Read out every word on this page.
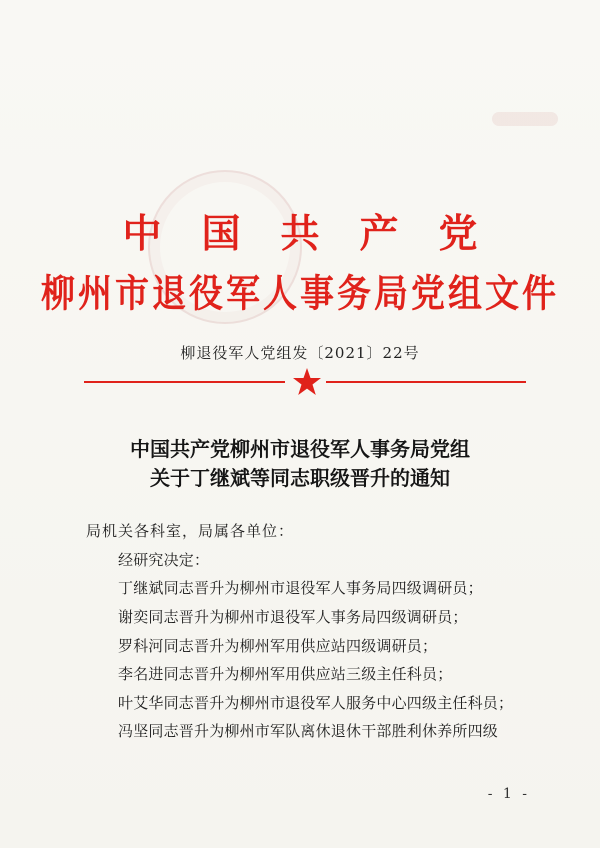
中国共产党
柳州市退役军人事务局党组文件
柳退役军人党组发〔2021〕22号
中国共产党柳州市退役军人事务局党组
关于丁继斌等同志职级晋升的通知
局机关各科室，局属各单位：
经研究决定：
丁继斌同志晋升为柳州市退役军人事务局四级调研员；
谢奕同志晋升为柳州市退役军人事务局四级调研员；
罗科河同志晋升为柳州军用供应站四级调研员；
李名进同志晋升为柳州军用供应站三级主任科员；
叶艾华同志晋升为柳州市退役军人服务中心四级主任科员；
冯坚同志晋升为柳州市军队离休退休干部胜利休养所四级
- 1 -
